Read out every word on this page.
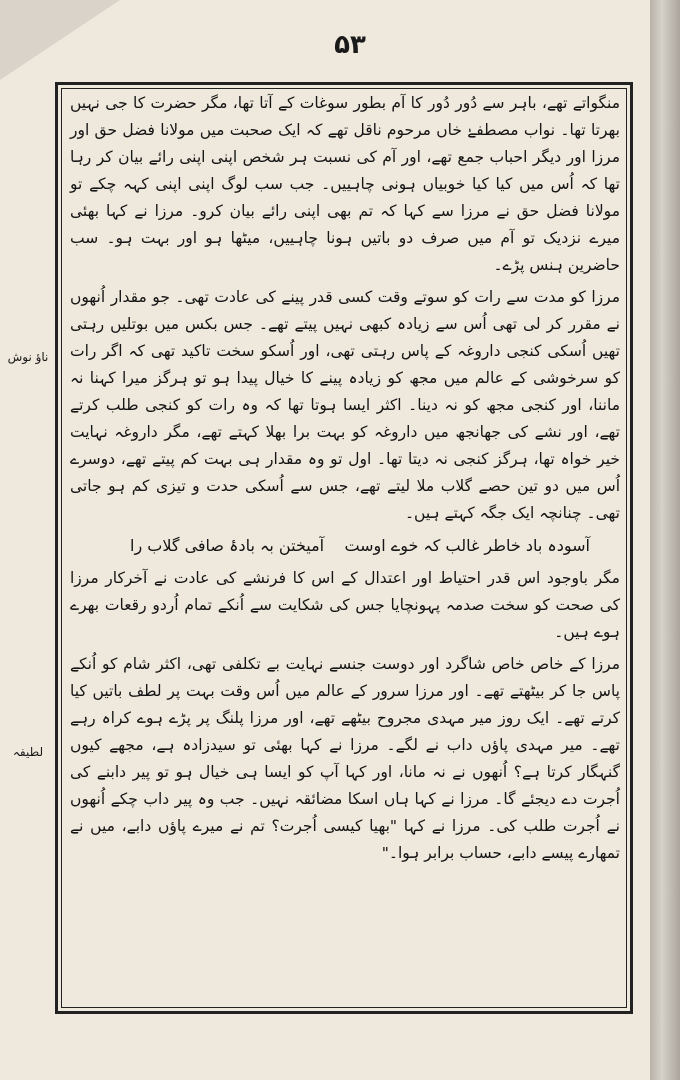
۵۳
ناؤ نوش
لطیفہ

منگواتے تھے، باہر سے دُور دُور کا آم بطور سوغات کے آتا تھا، مگر حضرت کا جی نہیں بھرتا تھا۔ نواب مصطفےٰ خاں مرحوم ناقل تھے کہ ایک صحبت میں مولانا فضل حق اور مرزا اور دیگر احباب جمع تھے، اور آم کی نسبت ہر شخص اپنی اپنی رائے بیان کر رہا تھا کہ اُس میں کیا کیا خوبیاں ہونی چاہییں۔ جب سب لوگ اپنی اپنی کہہ چکے تو مولانا فضل حق نے مرزا سے کہا کہ تم بھی اپنی رائے بیان کرو۔ مرزا نے کہا بھئی میرے نزدیک تو آم میں صرف دو باتیں ہونا چاہییں، میٹھا ہو اور بہت ہو۔ سب حاضرین ہنس پڑے۔

مرزا کو مدت سے رات کو سوتے وقت کسی قدر پینے کی عادت تھی۔ جو مقدار اُنھوں نے مقرر کر لی تھی اُس سے زیادہ کبھی نہیں پیتے تھے۔ جس بکس میں بوتلیں رہتی تھیں اُسکی کنجی داروغہ کے پاس رہتی تھی، اور اُسکو سخت تاکید تھی کہ اگر رات کو سرخوشی کے عالم میں مجھ کو زیادہ پینے کا خیال پیدا ہو تو ہرگز میرا کہنا نہ ماننا، اور کنجی مجھ کو نہ دینا۔ اکثر ایسا ہوتا تھا کہ وہ رات کو کنجی طلب کرتے تھے، اور نشے کی جھانجھ میں داروغہ کو بہت برا بھلا کہتے تھے، مگر داروغہ نہایت خیر خواہ تھا، ہرگز کنجی نہ دیتا تھا۔ اول تو وہ مقدار ہی بہت کم پیتے تھے، دوسرے اُس میں دو تین حصے گلاب ملا لیتے تھے، جس سے اُسکی حدت و تیزی کم ہو جاتی تھی۔ چنانچہ ایک جگہ کہتے ہیں۔

آسودہ باد خاطر غالب کہ خوے اوست
آمیختن بہ بادۂ صافی گلاب را

مگر باوجود اس قدر احتیاط اور اعتدال کے اس کا فرنشے کی عادت نے آخرکار مرزا کی صحت کو سخت صدمہ پہونچایا جس کی شکایت سے اُنکے تمام اُردو رقعات بھرے ہوے ہیں۔

مرزا کے خاص خاص شاگرد اور دوست جنسے نہایت بے تکلفی تھی، اکثر شام کو اُنکے پاس جا کر بیٹھتے تھے۔ اور مرزا سرور کے عالم میں اُس وقت بہت پر لطف باتیں کیا کرتے تھے۔ ایک روز میر مہدی مجروح بیٹھے تھے، اور مرزا پلنگ پر پڑے ہوے کراہ رہے تھے۔ میر مہدی پاؤں داب نے لگے۔ مرزا نے کہا بھئی تو سیدزادہ ہے، مجھے کیوں گنہگار کرتا ہے؟ اُنھوں نے نہ مانا، اور کہا آپ کو ایسا ہی خیال ہو تو پیر دابنے کی اُجرت دے دیجئے گا۔ مرزا نے کہا ہاں اسکا مضائقہ نہیں۔ جب وہ پیر داب چکے اُنھوں نے اُجرت طلب کی۔ مرزا نے کہا "بھیا کیسی اُجرت؟ تم نے میرے پاؤں دابے، میں نے تمھارے پیسے دابے، حساب برابر ہوا۔"
